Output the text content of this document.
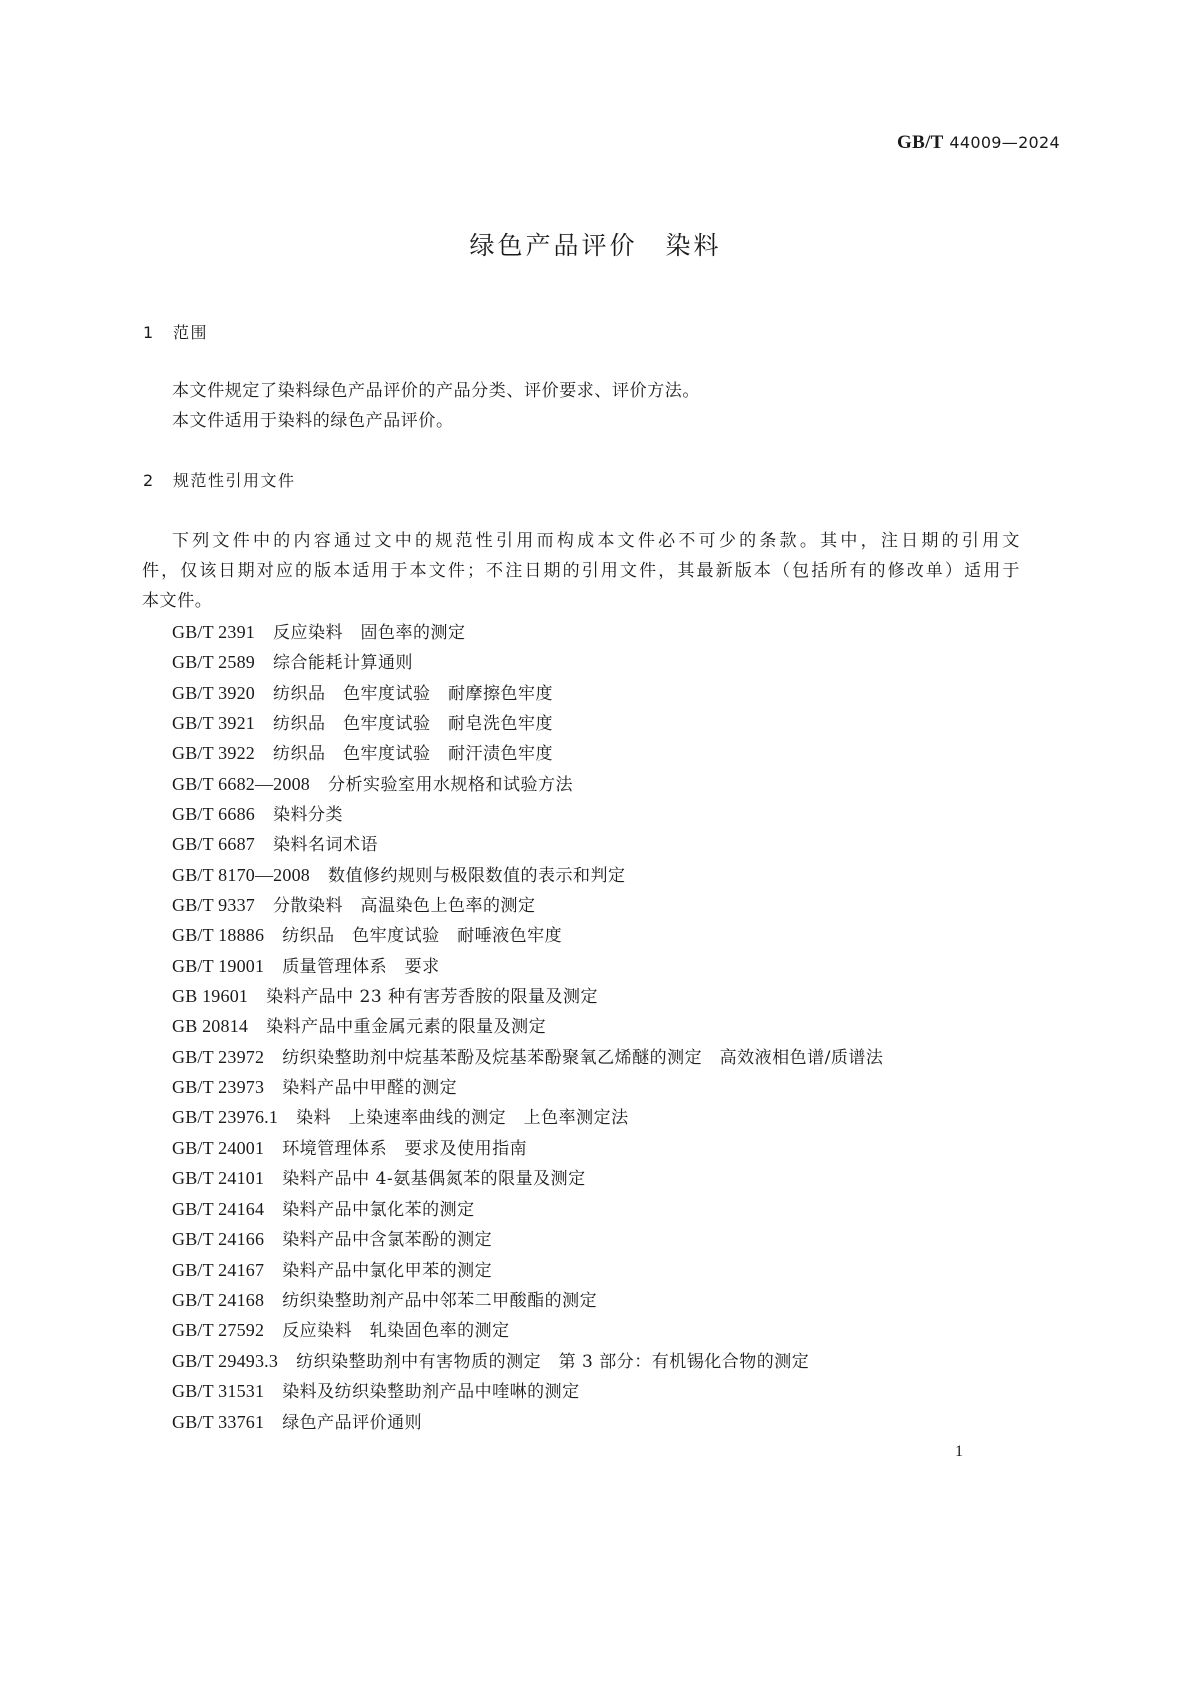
GB/T 44009—2024
绿色产品评价　染料
1 范围
本文件规定了染料绿色产品评价的产品分类、评价要求、评价方法。
本文件适用于染料的绿色产品评价。
2 规范性引用文件
下列文件中的内容通过文中的规范性引用而构成本文件必不可少的条款。其中，注日期的引用文
件，仅该日期对应的版本适用于本文件；不注日期的引用文件，其最新版本（包括所有的修改单）适用于
本文件。
GB/T 2391 反应染料　固色率的测定
GB/T 2589 综合能耗计算通则
GB/T 3920 纺织品　色牢度试验　耐摩擦色牢度
GB/T 3921 纺织品　色牢度试验　耐皂洗色牢度
GB/T 3922 纺织品　色牢度试验　耐汗渍色牢度
GB/T 6682—2008 分析实验室用水规格和试验方法
GB/T 6686 染料分类
GB/T 6687 染料名词术语
GB/T 8170—2008 数值修约规则与极限数值的表示和判定
GB/T 9337 分散染料　高温染色上色率的测定
GB/T 18886 纺织品　色牢度试验　耐唾液色牢度
GB/T 19001 质量管理体系　要求
GB 19601 染料产品中 23 种有害芳香胺的限量及测定
GB 20814 染料产品中重金属元素的限量及测定
GB/T 23972 纺织染整助剂中烷基苯酚及烷基苯酚聚氧乙烯醚的测定　高效液相色谱/质谱法
GB/T 23973 染料产品中甲醛的测定
GB/T 23976.1 染料　上染速率曲线的测定　上色率测定法
GB/T 24001 环境管理体系　要求及使用指南
GB/T 24101 染料产品中 4-氨基偶氮苯的限量及测定
GB/T 24164 染料产品中氯化苯的测定
GB/T 24166 染料产品中含氯苯酚的测定
GB/T 24167 染料产品中氯化甲苯的测定
GB/T 24168 纺织染整助剂产品中邻苯二甲酸酯的测定
GB/T 27592 反应染料　轧染固色率的测定
GB/T 29493.3 纺织染整助剂中有害物质的测定　第 3 部分：有机锡化合物的测定
GB/T 31531 染料及纺织染整助剂产品中喹啉的测定
GB/T 33761 绿色产品评价通则
1
